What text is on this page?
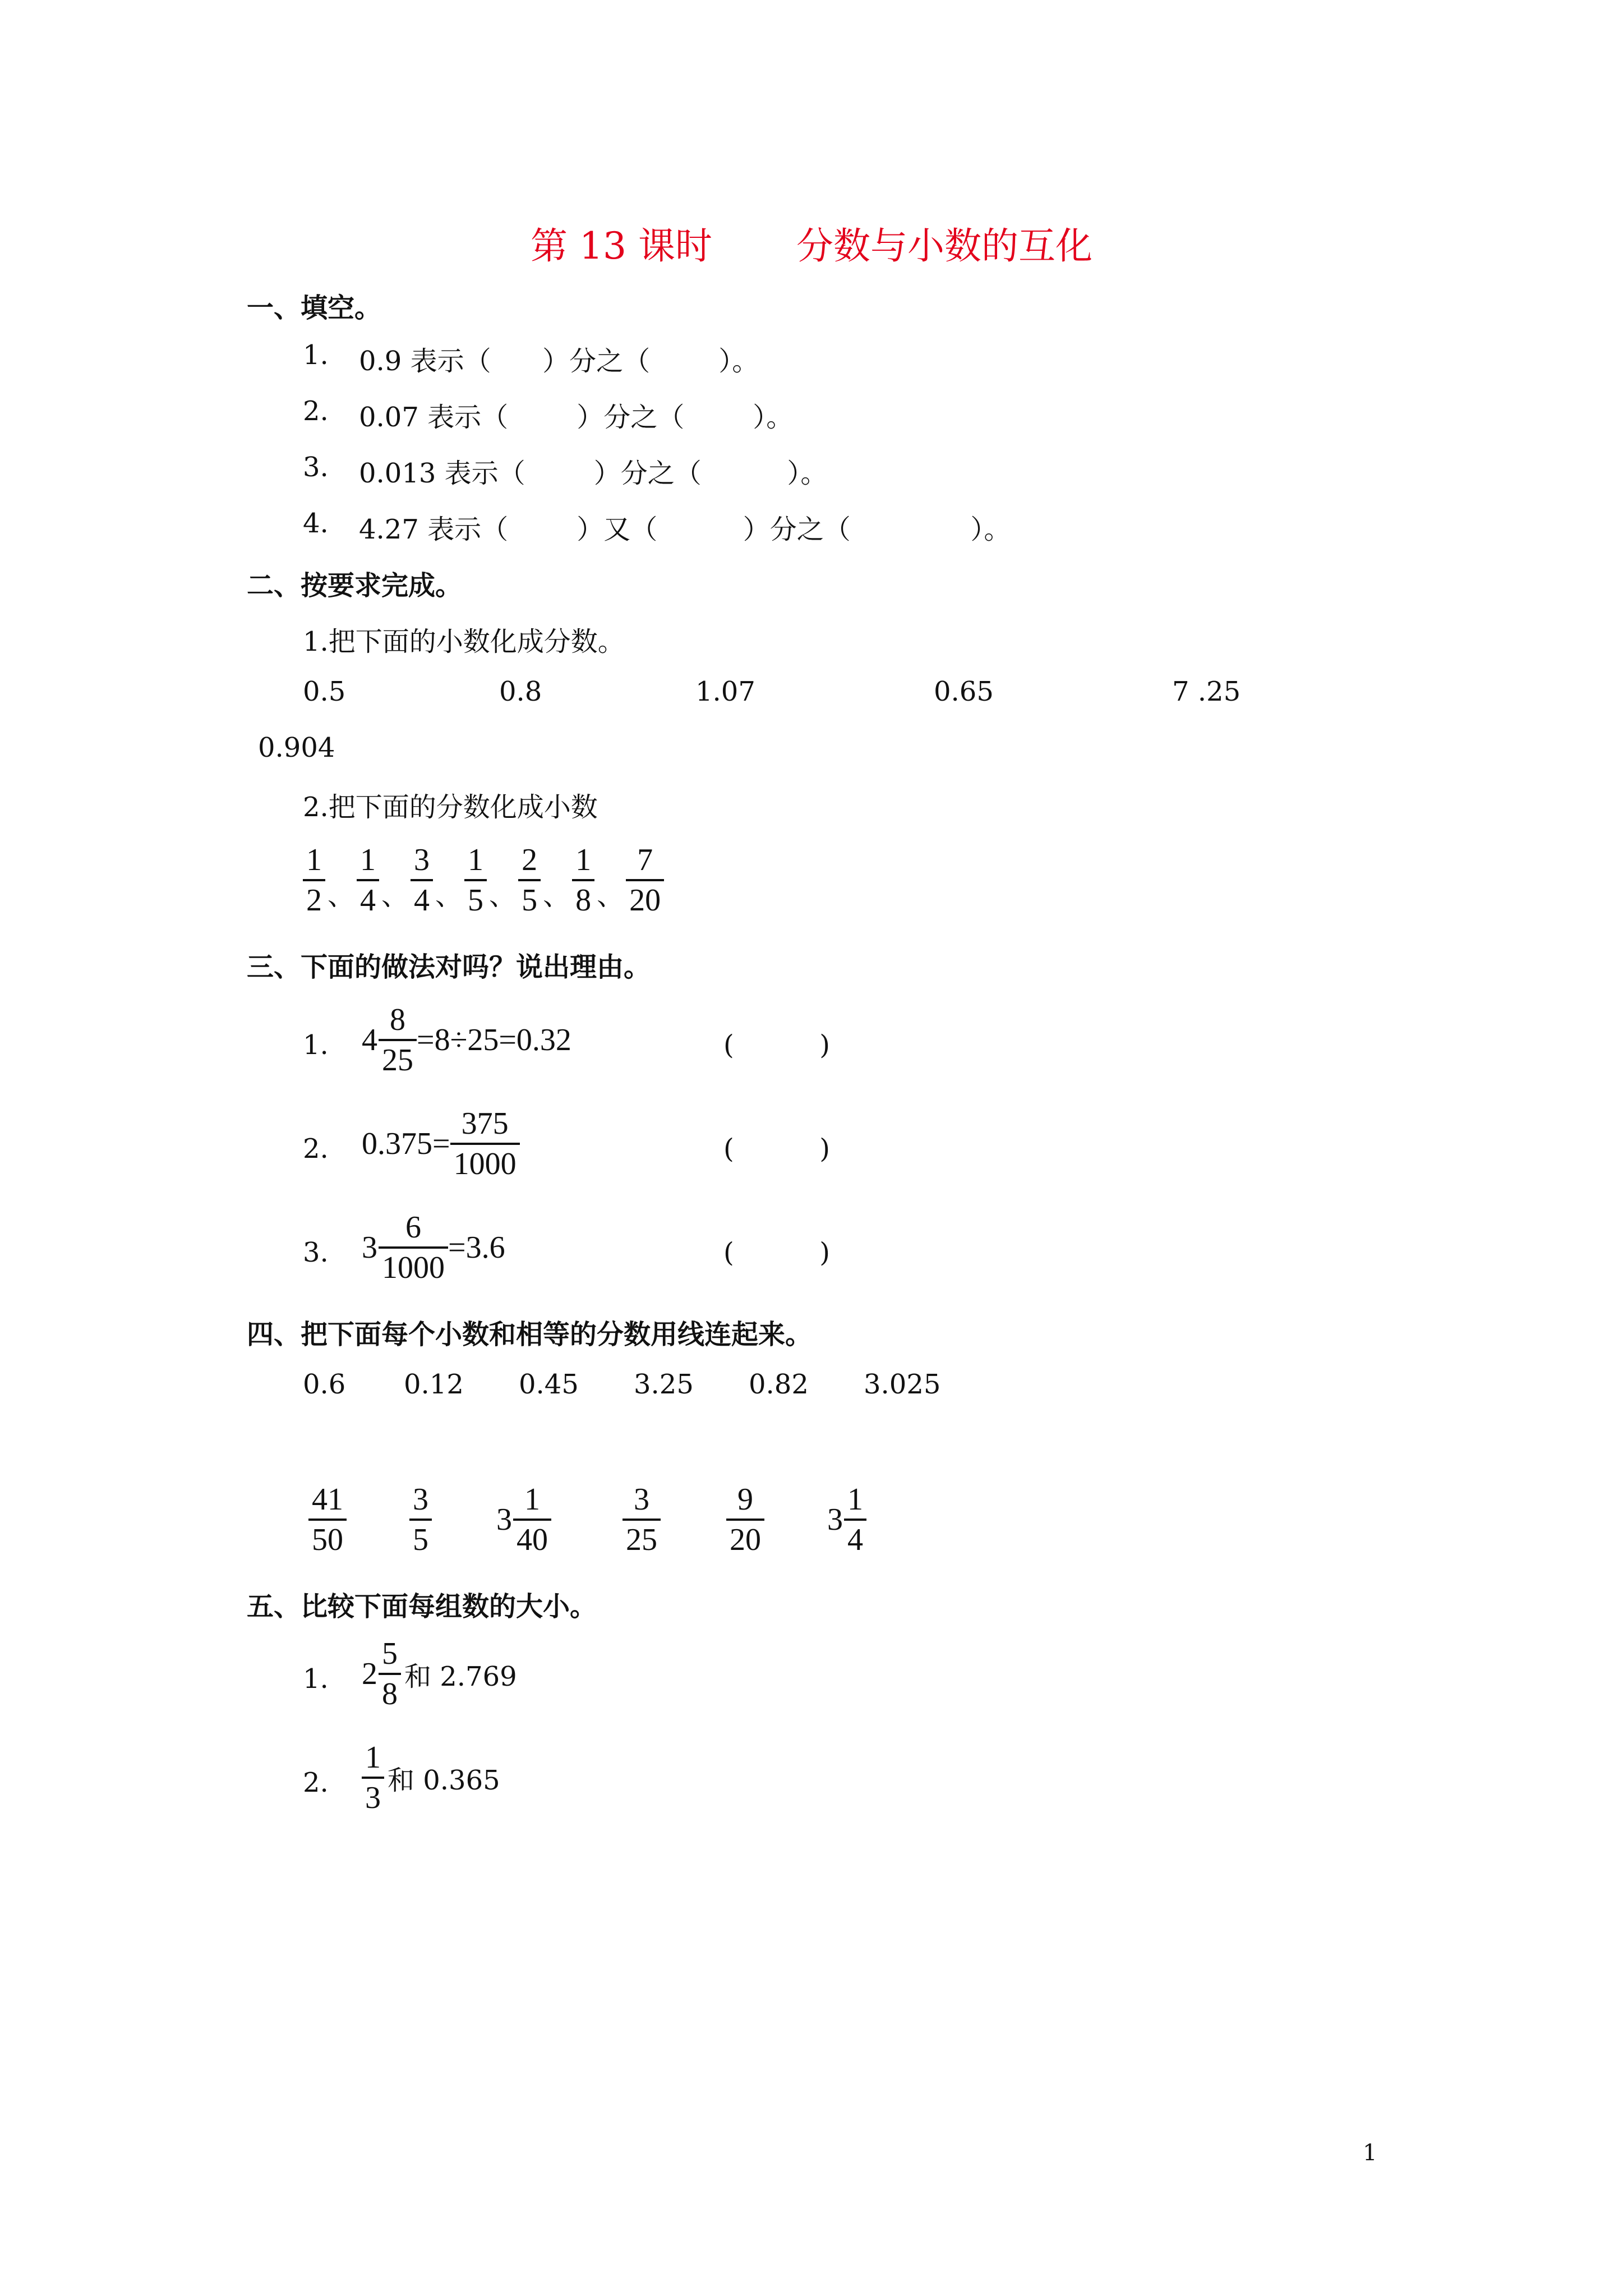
第 13 课时 分数与小数的互化
一、填空。
1. 0.9 表示（      ）分之（        ）。
2. 0.07 表示（        ）分之（        ）。
3. 0.013 表示（        ）分之（          ）。
4. 4.27 表示（        ）又（          ）分之（              ）。
二、按要求完成。
1.把下面的小数化成分数。
0.5	0.8	1.07	0.65	7 .25
0.904
2.把下面的分数化成小数
$\frac{1}{2}$ 、 $\frac{1}{4}$ 、 $\frac{3}{4}$ 、 $\frac{1}{5}$ 、 $\frac{2}{5}$ 、 $\frac{1}{8}$ 、 $\frac{7}{20}$
三、下面的做法对吗？说出理由。
1. $4 \frac{8}{25} =8\div 25=0.32$	(          )
2. $0.375= \frac{375}{1000}$	(          )
3. $3 \frac{6}{1000} =3.6$	(          )
四、把下面每个小数和相等的分数用线连起来。
0.6 0.12 0.45 3.25 0.82 3.025
$\frac{41}{50} \frac{3}{5} 3 \frac{1}{40} \frac{3}{25} \frac{9}{20} 3 \frac{1}{4}$
五、比较下面每组数的大小。
1. $2 \frac{5}{8}$ 和 2.769
2. $\frac{1}{3}$ 和 0.365
1
